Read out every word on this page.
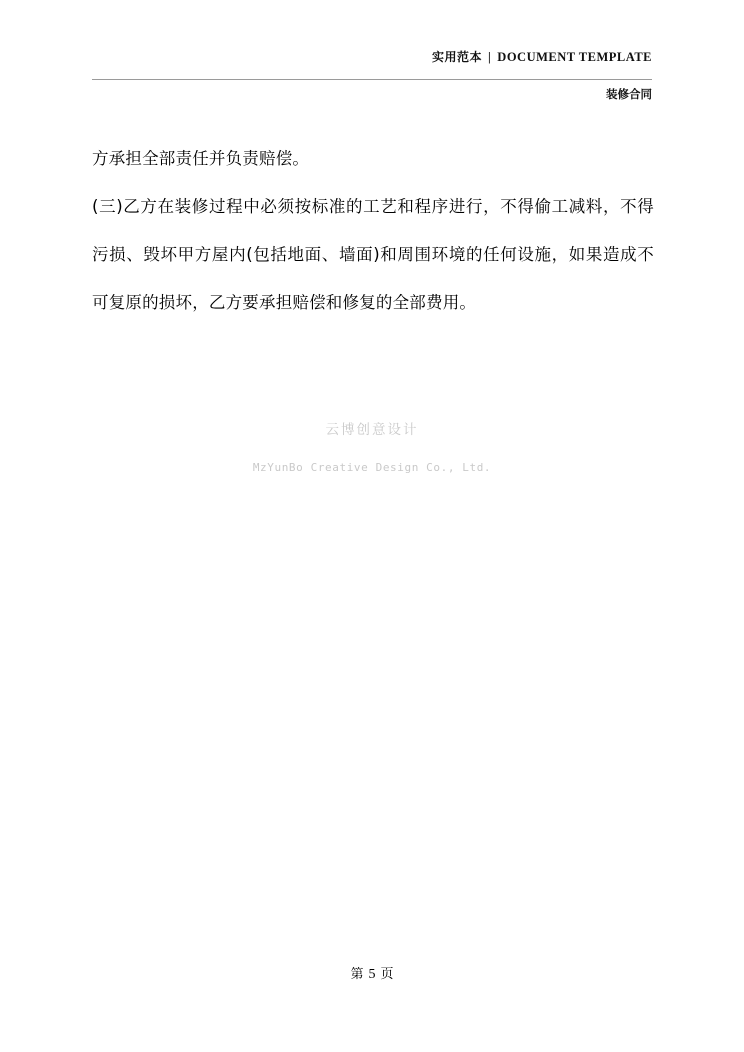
实用范本 | DOCUMENT TEMPLATE
装修合同

方承担全部责任并负责赔偿。

(三)乙方在装修过程中必须按标准的工艺和程序进行，不得偷工减料，不得污损、毁坏甲方屋内(包括地面、墙面)和周围环境的任何设施，如果造成不可复原的损坏，乙方要承担赔偿和修复的全部费用。

云博创意设计
MzYunBo Creative Design Co., Ltd.
第 5 页
